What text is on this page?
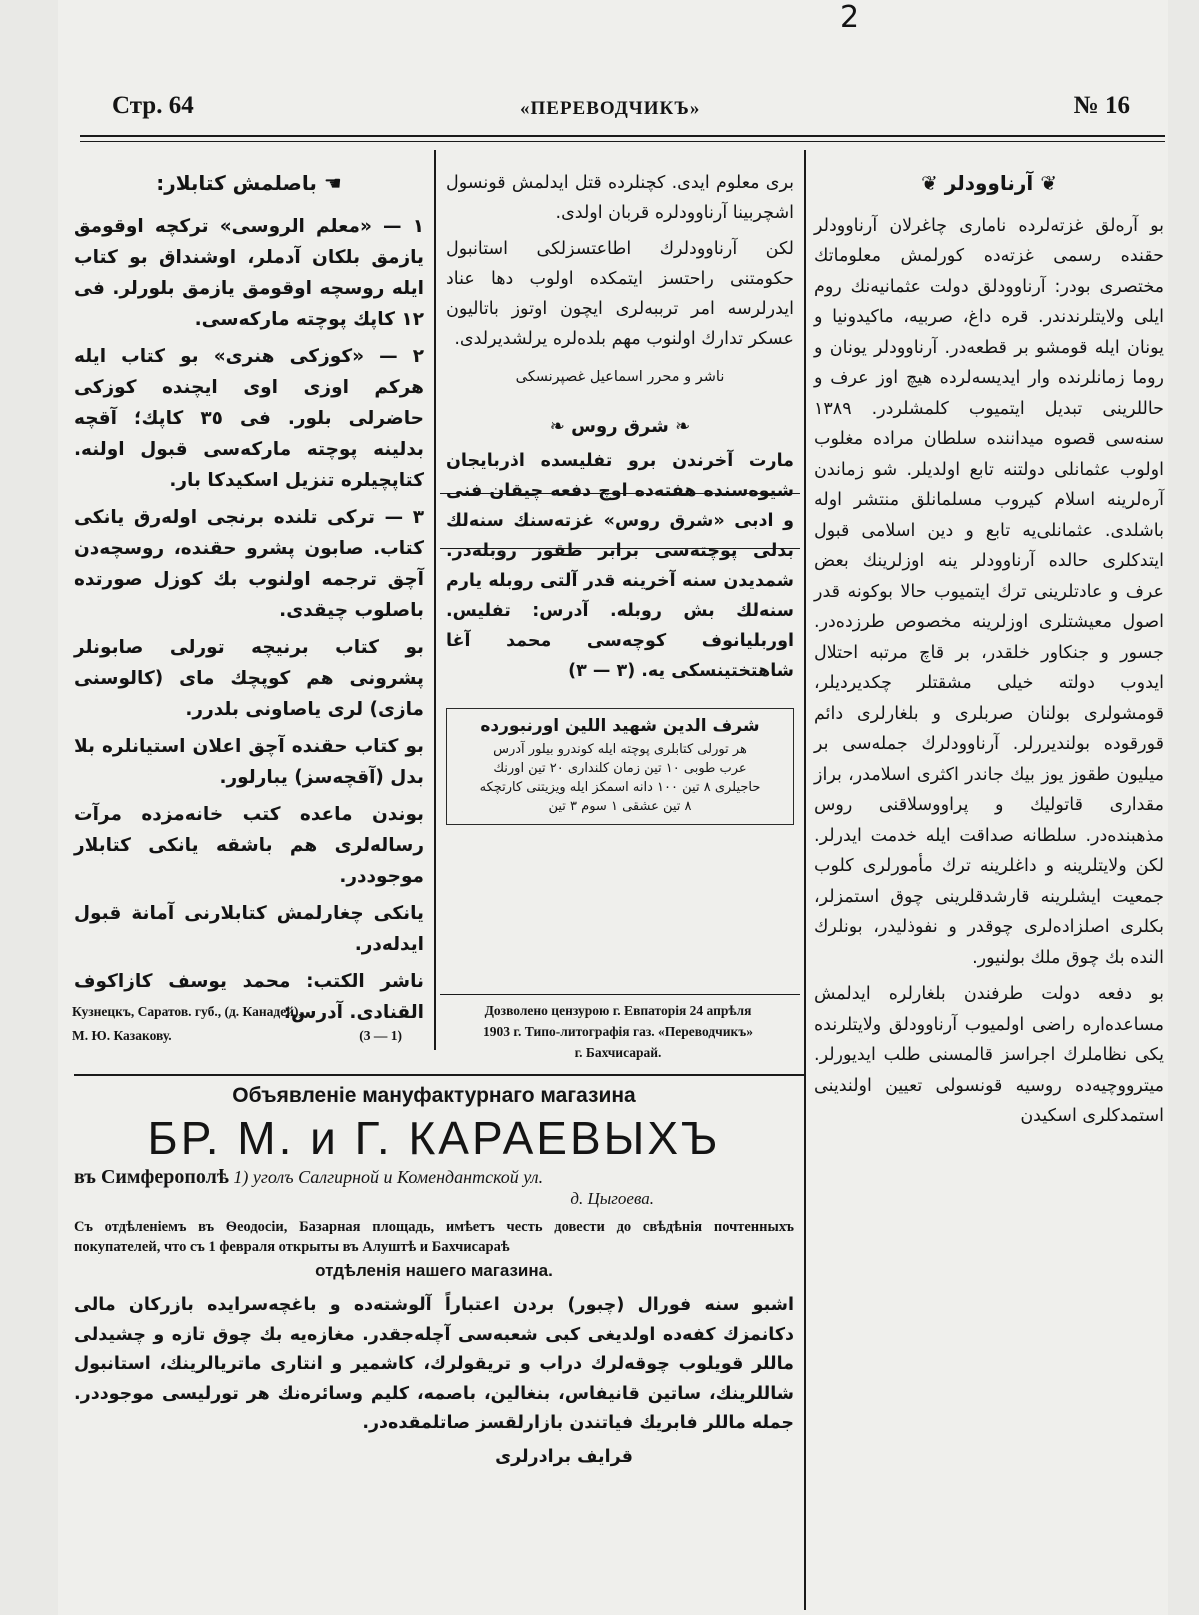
2
Стр. 64	«ПЕРЕВОДЧИКЪ»	№ 16

❦ آرناوودلر ❦

بو آره‌لق غزته‌لرده نامارى چاغرلان آرناوودلر حقنده رسمى غزته‌ده كورلمش معلوماتك مختصرى بودر: آرناوودلق دولت عثمانيه‌نك روم ايلى ولايتلرندندر. قره داغ، صربيه، ماكيدونيا و يونان ايله قومشو بر قطعه‌در. آرناوودلر يونان و روما زمانلرنده وار ايديسه‌لرده هيچ اوز عرف و حاللرينى تبديل ايتميوب كلمشلردر. ١٣٨٩ سنه‌سى قصوه ميداننده سلطان مراده مغلوب اولوب عثمانلى دولتنه تابع اولديلر. شو زماندن آره‌لرينه اسلام كيروب مسلمانلق منتشر اوله باشلدى. عثمانلى‌يه تابع و دين اسلامى قبول ايتدكلرى حالده آرناوودلر ينه اوزلرينك بعض عرف و عادتلرينى ترك ايتميوب حالا بوكونه قدر اصول معيشتلرى اوزلرينه مخصوص طرزده‌در. جسور و جنكاور خلقدر، بر قاچ مرتبه احتلال ايدوب دولته خيلى مشقتلر چكديرديلر، قومشولرى بولنان صربلرى و بلغارلرى دائم قورقوده بولنديررلر. آرناوودلرك جمله‌سى بر ميليون طقوز يوز بيك جاندر اكثرى اسلامدر، براز مقدارى قاتوليك و پراووسلاقنى روس مذهبنده‌در. سلطانه صداقت ايله خدمت ايدرلر. لكن ولايتلرينه و داغلرينه ترك مأمورلرى كلوب جمعيت ايشلرينه قارشدقلرينى چوق استمزلر، بكلرى اصلزاده‌لرى چوقدر و نفوذليدر، بونلرك النده بك چوق ملك بولنيور.

بو دفعه دولت طرفندن بلغارلره ايدلمش مساعده‌اره راضى اولميوب آرناوودلق ولايتلرنده يكى نظاملرك اجراسز قالمسنى طلب ايديورلر. ميترووچيه‌ده روسيه قونسولى تعيين اولندينى استمدكلرى اسكيدن

برى معلوم ايدى. كچنلرده قتل ايدلمش قونسول اشچربينا آرناوودلره قربان اولدى.

لكن آرناوودلرك اطاعتسزلكى استانبول حكومتنى راحتسز ايتمكده اولوب دها عناد ايدرلرسه امر ترببه‌لرى ايچون اوتوز باتاليون عسكر تدارك اولنوب مهم بلده‌لره يرلشديرلدى.

ناشر و محرر اسماعيل غصپرنسكى

❧ شرق روس ❧

مارت آخرندن برو تفليسده اذربايجان شيوه‌سنده هفته‌ده اوچ دفعه چيقان فنى و ادبى «شرق روس» غزته‌سنك سنه‌لك بدلى پوچته‌سى برابر طقوز روبله‌در. شمديدن سنه آخرينه قدر آلتى روبله يارم سنه‌لك بش روبله. آدرس: تفليس. اوربليانوف كوچه‌سى محمد آغا شاهتختينسكى يه. (٣ — ٣)

شرف الدين شهيد اللين اورنبورده
هر تورلى كتابلرى پوچته ايله كوندرو بيلور آدرس
عرب طوبى ١٠ تين زمان كلنداری ٢٠ تين اورنك
حاجيلرى ٨ تين ١٠٠ دانه اسمكز ايله ويزيتنى كارتچكه
٨ تين عشقى ١ سوم ٣ تين

☚ باصلمش كتابلار:

١ — «معلم الروسى» تركچه اوقومق يازمق بلكان آدملر، اوشنداق بو كتاب ايله روسچه اوقومق يازمق بلورلر. فى ١٢ كاپك پوچته ماركه‌سى.

٢ — «كوزكى هنرى» بو كتاب ايله هركم اوزى اوى ايچنده كوزكى حاضرلى بلور. فى ٣٥ كاپك؛ آقچه بدلينه پوچته ماركه‌سى قبول اولنه. كتاپچيلره تنزيل اسكيدكا بار.

٣ — تركى تلنده برنجى اوله‌رق يانكى كتاب. صابون پشرو حقنده، روسچه‌دن آچق ترجمه اولنوب بك كوزل صورتده باصلوب چيقدى.

بو كتاب برنيچه تورلى صابونلر پشرونى هم كوپچك ماى (كالوسنى مازى) لرى ياصاونى بلدرر.

بو كتاب حقنده آچق اعلان استيانلره بلا بدل (آقچه‌سز) يبارلور.

بوندن ماعده كتب خانه‌مزده مرآت رساله‌لرى هم باشقه يانكى كتابلار موجوددر.

يانكى چغارلمش كتابلارنى آمانة قبول ايدله‌در.

ناشر الكتب: محمد يوسف كازاكوف القنادى. آدرس:

Кузнецкъ, Саратов. губ., (д. Канадей),
М. Ю. Казакову.	(3 — 1)
Дозволено цензурою г. Евпаторія 24 апрѣля
1903 г. Типо-литографія газ. «Переводчикъ»
г. Бахчисарай.
Объявленіе мануфактурнаго магазина
БР. М. и Г. КАРАЕВЫХЪ
въ Симферополѣ 1) уголъ Салгирной и Комендантской ул.
д. Цыгоева.
Съ отдѣленіемъ въ Ѳеодосіи, Базарная площадь, имѣетъ честь довести до свѣдѣнія почтенныхъ покупателей, что съ 1 февраля открыты въ Алуштѣ и Бахчисараѣ
отдѣленія нашего магазина.
اشبو سنه فورال (چبور) بردن اعتباراً آلوشته‌ده و باغچه‌سرايده بازركان مالى دكانمزك كفه‌ده اولديغى كبى شعبه‌سى آچله‌جقدر. مغازه‌يه بك چوق تازه و چشيدلى ماللر قويلوب چوقه‌لرك دراب و تريقولرك، كاشمير و انتارى ماتريالرينك، استانبول شاللرينك، ساتين قانيفاس، بنغالين، باصمه، كليم وسائره‌نك هر تورليسى موجوددر. جمله ماللر فابريك فياتندن بازارلقسز صاتلمقده‌در.
قرايف برادرلرى
